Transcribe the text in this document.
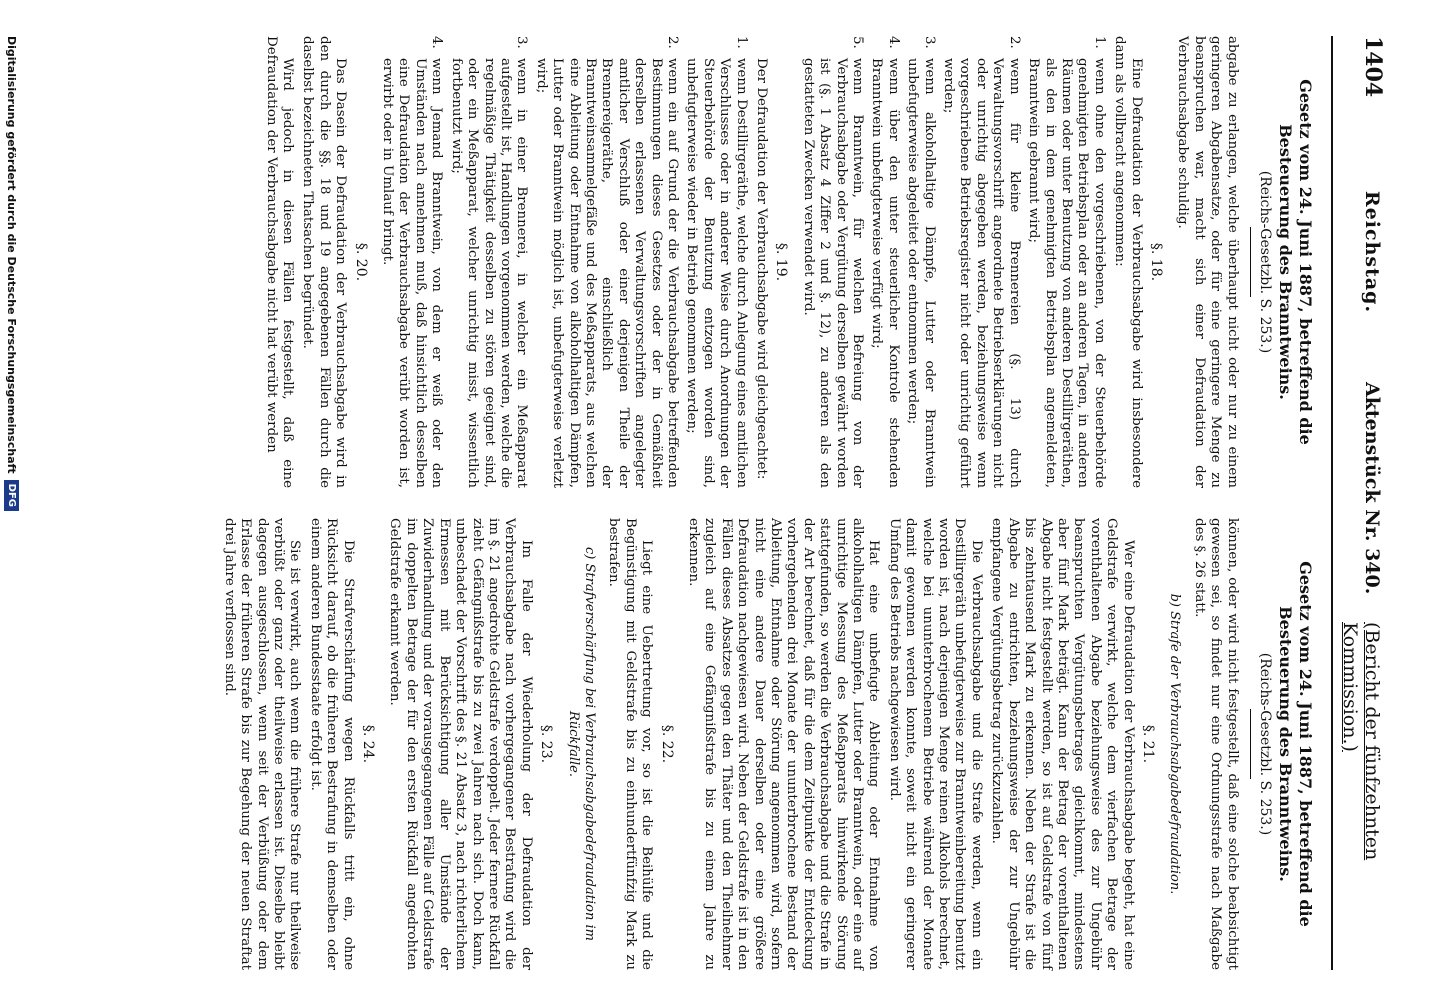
1404
Reichstag.
Aktenstück Nr. 340.
(Bericht der fünfzehnten Kommission.)
Gesetz vom 24. Juni 1887, betreffend die Besteuerung des Branntweins.
(Reichs-Gesetzbl. S. 253.)

abgabe zu erlangen, welche überhaupt nicht oder nur zu einem geringeren Abgabensatze, oder für eine geringere Menge zu beanspruchen war, macht sich einer Defraudation der Verbrauchsabgabe schuldig.

§. 18.

Eine Defraudation der Verbrauchsabgabe wird insbesondere dann als vollbracht angenommen:

1.
wenn ohne den vorgeschriebenen, von der Steuerbehörde genehmigten Betriebsplan oder an anderen Tagen, in anderen Räumen oder unter Benutzung von anderen Destillirgeräthen, als den in dem genehmigten Betriebsplan angemeldeten, Branntwein gebrannt wird;
2.
wenn für kleine Brennereien (§. 13) durch Verwaltungsvorschrift angeordnete Betriebserklärungen nicht oder unrichtig abgegeben werden, beziehungsweise wenn vorgeschriebene Betriebsregister nicht oder unrichtig geführt werden;
3.
wenn alkoholhaltige Dämpfe, Lutter oder Branntwein unbefugterweise abgeleitet oder entnommen werden;
4.
wenn über den unter steuerlicher Kontrole stehenden Branntwein unbefugterweise verfügt wird;
5.
wenn Branntwein, für welchen Befreiung von der Verbrauchsabgabe oder Vergütung derselben gewährt worden ist (§. 1 Absatz 4 Ziffer 2 und §. 12), zu anderen als den gestatteten Zwecken verwendet wird.
§. 19.

Der Defraudation der Verbrauchsabgabe wird gleichgeachtet:

1.
wenn Destillirgeräthe, welche durch Anlegung eines amtlichen Verschlusses oder in anderer Weise durch Anordnungen der Steuerbehörde der Benutzung entzogen worden sind, unbefugterweise wieder in Betrieb genommen werden;
2.
wenn ein auf Grund der die Verbrauchsabgabe betreffenden Bestimmungen dieses Gesetzes oder der in Gemäßheit derselben erlassenen Verwaltungsvorschriften angelegter amtlicher Verschluß oder einer derjenigen Theile der Brennereigeräthe, einschließlich der Branntweinsammelgefäße und des Meßapparats, aus welchen eine Ableitung oder Entnahme von alkoholhaltigen Dämpfen, Lutter oder Branntwein möglich ist, unbefugterweise verletzt wird;
3.
wenn in einer Brennerei, in welcher ein Meßapparat aufgestellt ist, Handlungen vorgenommen werden, welche die regelmäßige Thätigkeit desselben zu stören geeignet sind, oder ein Meßapparat, welcher unrichtig misst, wissentlich fortbenutzt wird;
4.
wenn Jemand Branntwein, von dem er weiß oder den Umständen nach annehmen muß, daß hinsichtlich desselben eine Defraudation der Verbrauchsabgabe verübt worden ist, erwirbt oder in Umlauf bringt.
§. 20.

Das Dasein der Defraudation der Verbrauchsabgabe wird in den durch die §§. 18 und 19 angegebenen Fällen durch die daselbst bezeichneten Thatsachen begründet.

Wird jedoch in diesen Fällen festgestellt, daß eine Defraudation der Verbrauchsabgabe nicht hat verübt werden

Gesetz vom 24. Juni 1887, betreffend die Besteuerung des Branntweins.
(Reichs-Gesetzbl. S. 253.)

können, oder wird nicht festgestellt, daß eine solche beabsichtigt gewesen sei, so findet nur eine Ordnungsstrafe nach Maßgabe des §. 26 statt.

b) Strafe der Verbrauchsabgabedefraudation.
§. 21.

Wer eine Defraudation der Verbrauchsabgabe begeht, hat eine Geldstrafe verwirkt, welche dem vierfachen Betrage der vorenthaltenen Abgabe beziehungsweise des zur Ungebühr beanspruchten Vergütungsbetrages gleichkommt, mindestens aber fünf Mark beträgt. Kann der Betrag der vorenthaltenen Abgabe nicht festgestellt werden, so ist auf Geldstrafe von fünf bis zehntausend Mark zu erkennen. Neben der Strafe ist die Abgabe zu entrichten, beziehungsweise der zur Ungebühr empfangene Vergütungsbetrag zurückzuzahlen.

Die Verbrauchsabgabe und die Strafe werden, wenn ein Destillirgeräth unbefugterweise zur Branntweinbereitung benutzt worden ist, nach derjenigen Menge reinen Alkohols berechnet, welche bei ununterbrochenem Betriebe während der Monate damit gewonnen werden konnte, soweit nicht ein geringerer Umfang des Betriebs nachgewiesen wird.

Hat eine unbefugte Ableitung oder Entnahme von alkoholhaltigen Dämpfen, Lutter oder Branntwein, oder eine auf unrichtige Messung des Meßapparats hinwirkende Störung stattgefunden, so werden die Verbrauchsabgabe und die Strafe in der Art berechnet, daß für die dem Zeitpunkte der Entdeckung vorhergehenden drei Monate der ununterbrochene Bestand der Ableitung, Entnahme oder Störung angenommen wird, sofern nicht eine andere Dauer derselben oder eine größere Defraudation nachgewiesen wird. Neben der Geldstrafe ist in den Fällen dieses Absatzes gegen den Thäter und den Theilnehmer zugleich auf eine Gefängnißstrafe bis zu einem Jahre zu erkennen.

§. 22.

Liegt eine Uebertretung vor, so ist die Beihülfe und die Begünstigung mit Geldstrafe bis zu einhundertfünfzig Mark zu bestrafen.

c) Strafverschärfung bei Verbrauchsabgabedefraudation im Rückfalle.
§. 23.

Im Falle der Wiederholung der Defraudation der Verbrauchsabgabe nach vorhergegangener Bestrafung wird die im §. 21 angedrohte Geldstrafe verdoppelt. Jeder fernere Rückfall zieht Gefängnißstrafe bis zu zwei Jahren nach sich. Doch kann, unbeschadet der Vorschrift des §. 21 Absatz 3, nach richterlichem Ermessen mit Berücksichtigung aller Umstände der Zuwiderhandlung und der vorausgegangenen Fälle auf Geldstrafe im doppelten Betrage der für den ersten Rückfall angedrohten Geldstrafe erkannt werden.

§. 24.

Die Strafverschärfung wegen Rückfalls tritt ein, ohne Rücksicht darauf, ob die früheren Bestrafung in demselben oder einem anderen Bundesstaate erfolgt ist.

Sie ist verwirkt, auch wenn die frühere Strafe nur theilweise verbüßt oder ganz oder theilweise erlassen ist. Dieselbe bleibt dagegen ausgeschlossen, wenn seit der Verbüßung oder dem Erlasse der früheren Strafe bis zur Begehung der neuen Straftat drei Jahre verflossen sind.

Digitalisierung gefördert durch die Deutsche Forschungsgemeinschaft
DFG
